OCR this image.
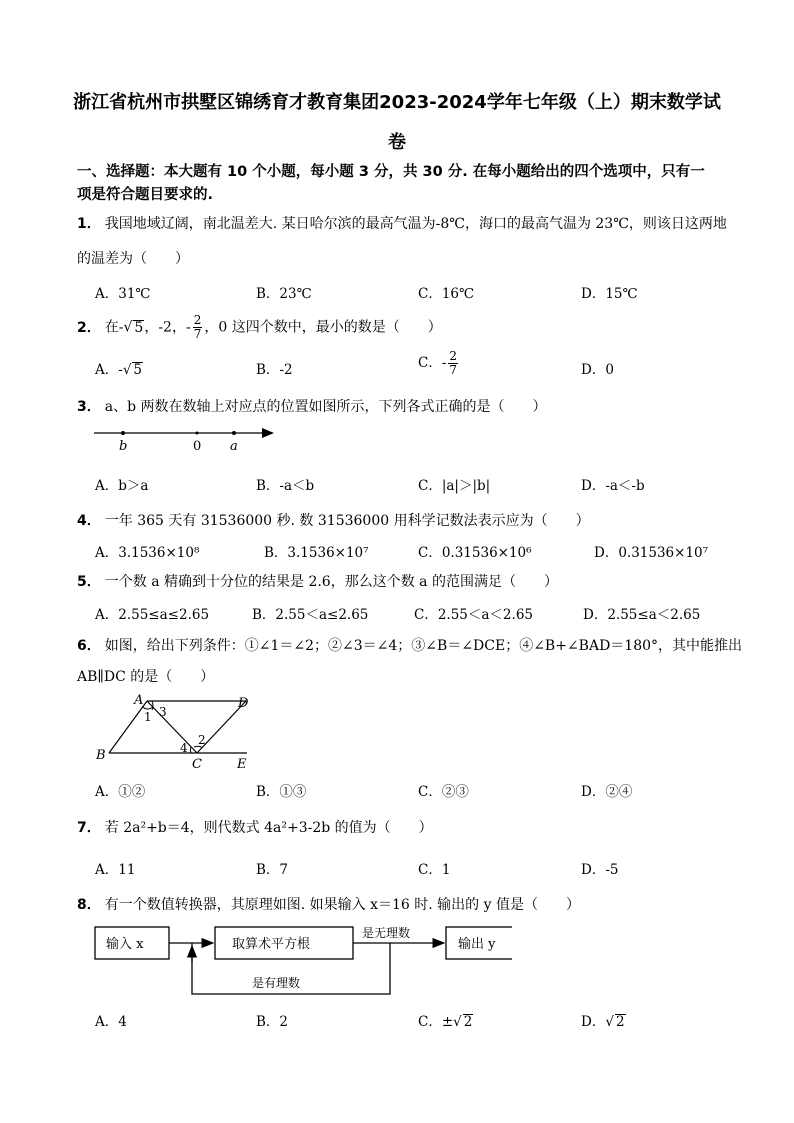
浙江省杭州市拱墅区锦绣育才教育集团2023-2024学年七年级（上）期末数学试
卷
一、选择题：本大题有 10 个小题，每小题 3 分，共 30 分. 在每小题给出的四个选项中，只有一
项是符合题目要求的.
1． 我国地域辽阔，南北温差大. 某日哈尔滨的最高气温为-8℃，海口的最高气温为 23℃，则该日这两地
的温差为（　　）
A．31℃	B．23℃	C．16℃	D．15℃
2． 在-√ 5，-2，- $\frac{2}{7}$ ，0 这四个数中，最小的数是（　　）
A．-√ 5	B．-2	C．- $\frac{2}{7}$	D．0
3． a、b 两数在数轴上对应点的位置如图所示，下列各式正确的是（　　）
b	0 a
A．b＞a	B．-a＜b	C．|a|＞|b|	D．-a＜-b
4． 一年 365 天有 31536000 秒. 数 31536000 用科学记数法表示应为（　　）
A．3.1536×10⁸	B．3.1536×10⁷	C．0.31536×10⁶	D．0.31536×10⁷
5． 一个数 a 精确到十分位的结果是 2.6，那么这个数 a 的范围满足（　　）
A．2.55≤a≤2.65	B．2.55＜a≤2.65	C．2.55＜a＜2.65	D．2.55≤a＜2.65
6． 如图，给出下列条件：①∠1＝∠2；②∠3＝∠4；③∠B＝∠DCE；④∠B+∠BAD＝180°，其中能推出
AB∥DC 的是（　　）
A	D
B
C	E
1
2
3
4
A．①②	B．①③	C．②③	D．②④
7． 若 2a²+b＝4，则代数式 4a²+3-2b 的值为（　　）
A．11	B．7	C．1	D．-5
8． 有一个数值转换器，其原理如图. 如果输入 x＝16 时. 输出的 y 值是（　　）
输入 x	取算术平方根	输出 y
是无理数
是有理数
A．4	B．2	C．±√ 2	D．√ 2
